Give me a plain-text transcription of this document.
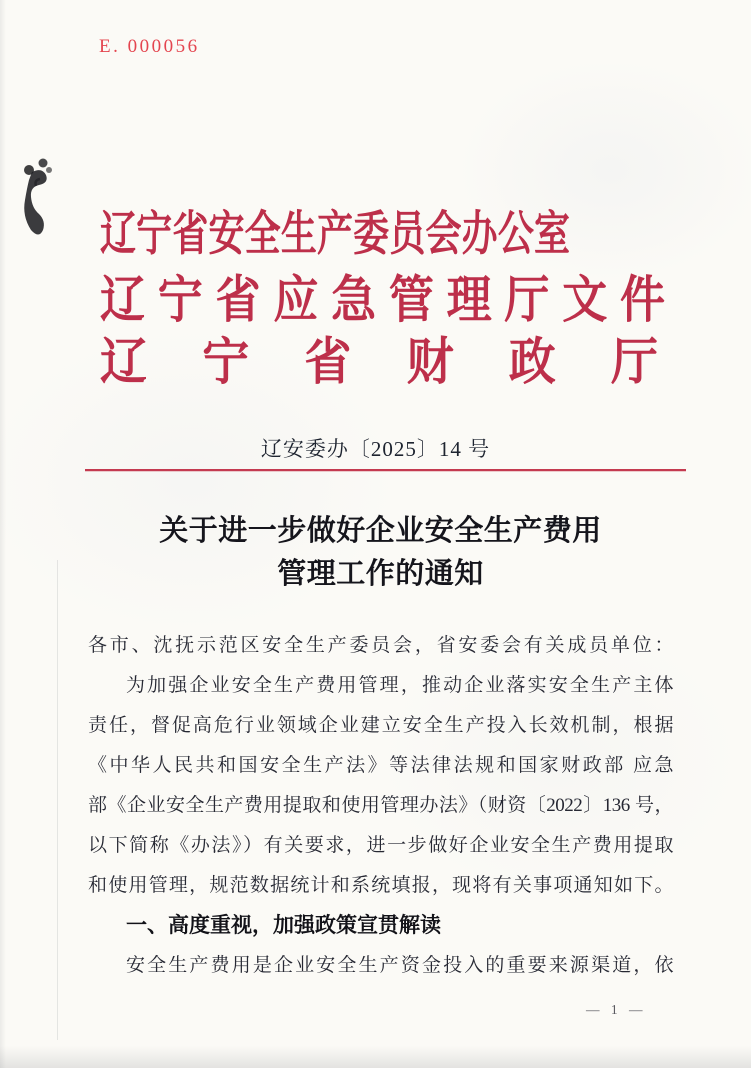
E. 000056
辽宁省安全生产委员会办公室
辽宁省应急管理厅文件
辽宁省财政厅
辽安委办〔2025〕14 号
关于进一步做好企业安全生产费用
管理工作的通知
各市、沈抚示范区安全生产委员会，省安委会有关成员单位：
为加强企业安全生产费用管理，推动企业落实安全生产主体
责任，督促高危行业领域企业建立安全生产投入长效机制，根据
《中华人民共和国安全生产法》等法律法规和国家财政部 应急
部《企业安全生产费用提取和使用管理办法》（财资〔2022〕136 号，
以下简称《办法》）有关要求，进一步做好企业安全生产费用提取
和使用管理，规范数据统计和系统填报，现将有关事项通知如下。
一、高度重视，加强政策宣贯解读
安全生产费用是企业安全生产资金投入的重要来源渠道，依
— 1 —
